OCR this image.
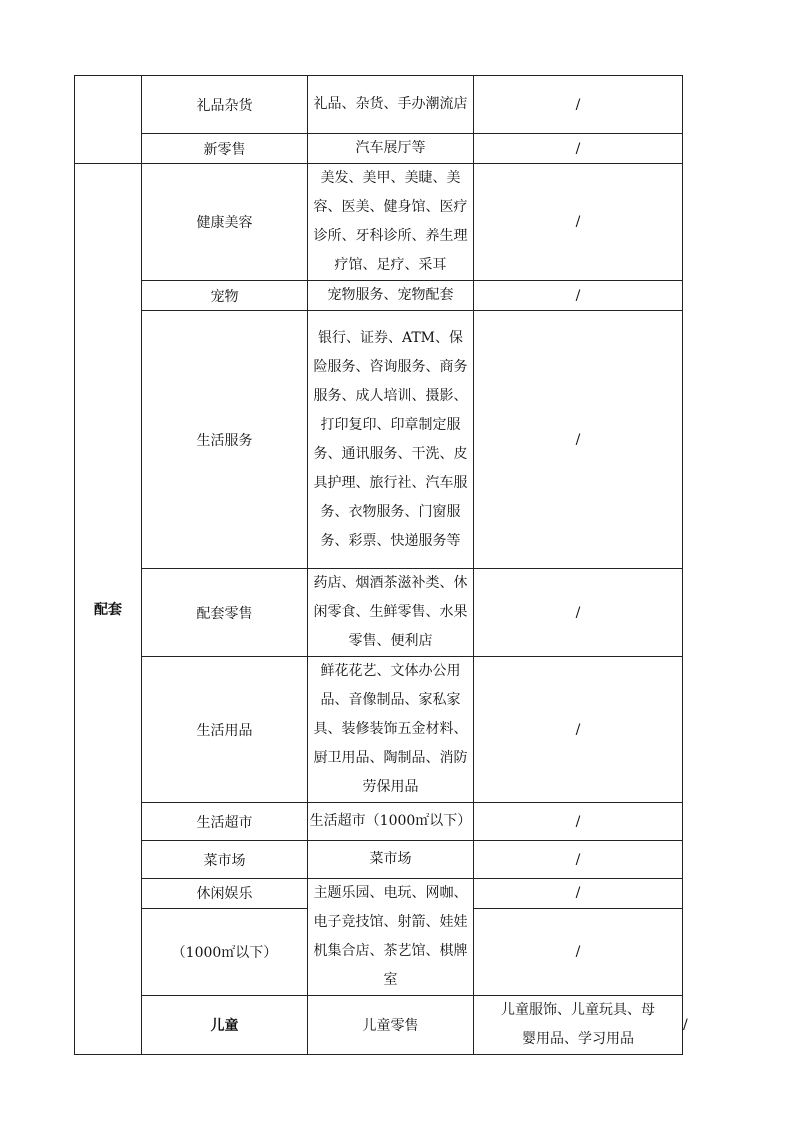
	礼品杂货	礼品、杂货、手办潮流店	/	
	新零售	汽车展厅等	/	
配套	健康美容	美发、美甲、美睫、美容、医美、健身馆、医疗诊所、牙科诊所、养生理疗馆、足疗、采耳	/	
	宠物	宠物服务、宠物配套	/	
	生活服务	银行、证券、ATM、保险服务、咨询服务、商务服务、成人培训、摄影、打印复印、印章制定服务、通讯服务、干洗、皮具护理、旅行社、汽车服务、衣物服务、门窗服务、彩票、快递服务等	/	
	配套零售	药店、烟酒茶滋补类、休闲零食、生鲜零售、水果零售、便利店	/	
	生活用品	鲜花花艺、文体办公用品、音像制品、家私家具、装修装饰五金材料、厨卫用品、陶制品、消防劳保用品	/	
	生活超市	生活超市（1000㎡以下）	/	
	菜市场	菜市场	/	
	休闲娱乐	主题乐园、电玩、网咖、电子竞技馆、射箭、娃娃机集合店、茶艺馆、棋牌室	/	
	（1000㎡以下）		/	
	儿童	儿童零售	儿童服饰、儿童玩具、母婴用品、学习用品	/
